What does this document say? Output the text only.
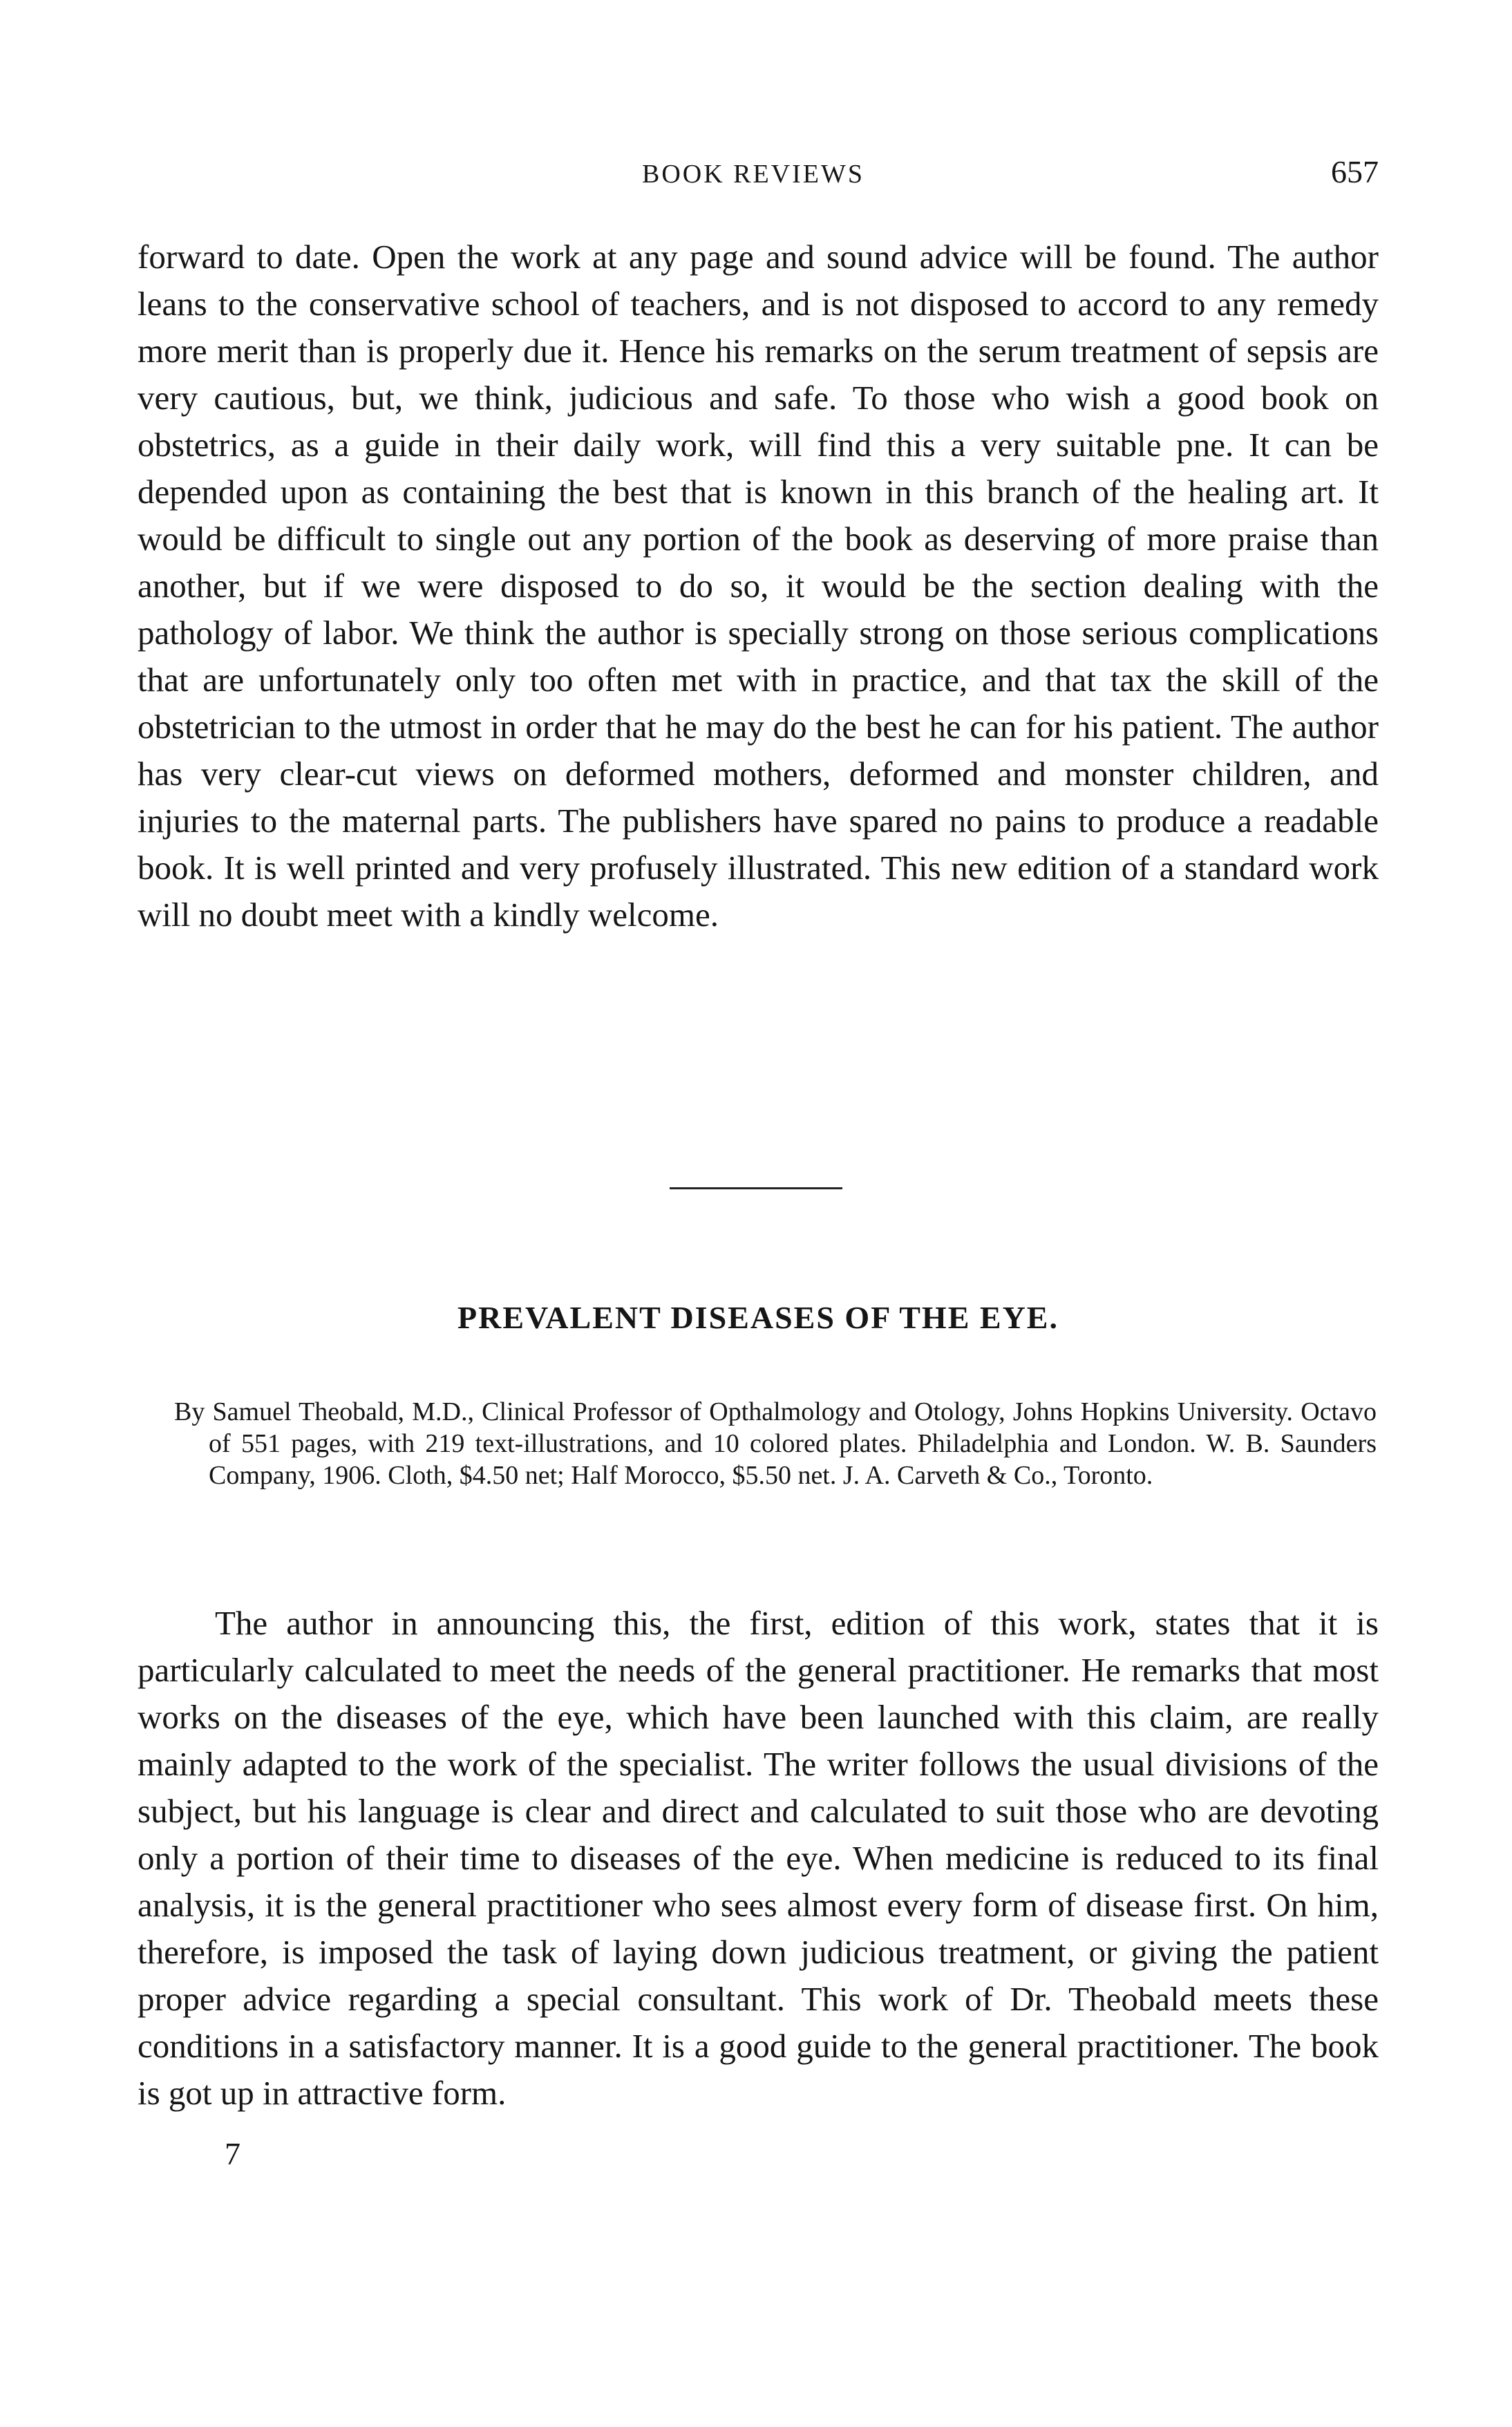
BOOK REVIEWS	657

forward to date. Open the work at any page and sound advice will be found. The author leans to the conservative school of teachers, and is not disposed to accord to any remedy more merit than is properly due it. Hence his remarks on the serum treatment of sepsis are very cautious, but, we think, judicious and safe. To those who wish a good book on obstetrics, as a guide in their daily work, will find this a very suitable pne. It can be depended upon as containing the best that is known in this branch of the healing art. It would be difficult to single out any portion of the book as deserving of more praise than another, but if we were disposed to do so, it would be the section dealing with the pathology of labor. We think the author is specially strong on those serious complications that are unfortunately only too often met with in practice, and that tax the skill of the obstetrician to the utmost in order that he may do the best he can for his patient. The author has very clear-cut views on deformed mothers, deformed and monster children, and injuries to the maternal parts. The publishers have spared no pains to produce a readable book. It is well printed and very profusely illustrated. This new edition of a standard work will no doubt meet with a kindly welcome.

PREVALENT DISEASES OF THE EYE.

By Samuel Theobald, M.D., Clinical Professor of Opthalmology and Otology, Johns Hopkins University. Octavo of 551 pages, with 219 text-illustrations, and 10 colored plates. Philadelphia and London. W. B. Saunders Company, 1906. Cloth, $4.50 net; Half Morocco, $5.50 net. J. A. Carveth & Co., Toronto.

The author in announcing this, the first, edition of this work, states that it is particularly calculated to meet the needs of the general practitioner. He remarks that most works on the diseases of the eye, which have been launched with this claim, are really mainly adapted to the work of the specialist. The writer follows the usual divisions of the subject, but his language is clear and direct and calculated to suit those who are devoting only a portion of their time to diseases of the eye. When medicine is reduced to its final analysis, it is the general practitioner who sees almost every form of disease first. On him, therefore, is imposed the task of laying down judicious treatment, or giving the patient proper advice regarding a special consultant. This work of Dr. Theobald meets these conditions in a satisfactory manner. It is a good guide to the general practitioner. The book is got up in attractive form.

7
